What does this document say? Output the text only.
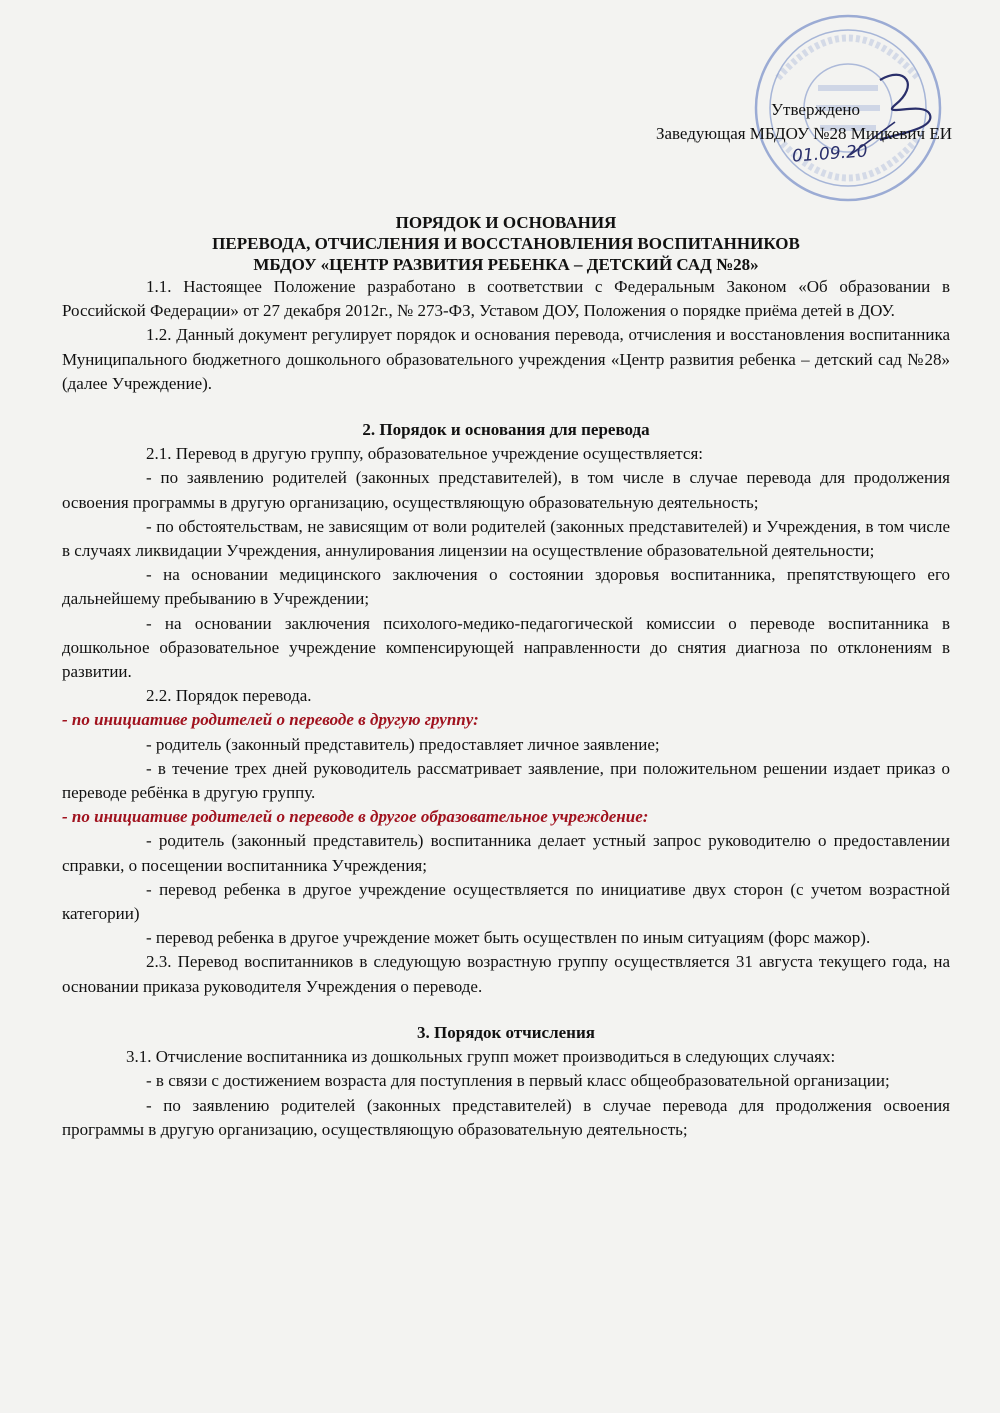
Утверждено
Заведующая МБДОУ №28 Мицкевич ЕИ
01.09.20
ПОРЯДОК И ОСНОВАНИЯ
ПЕРЕВОДА, ОТЧИСЛЕНИЯ И ВОССТАНОВЛЕНИЯ ВОСПИТАННИКОВ
МБДОУ «ЦЕНТР РАЗВИТИЯ РЕБЕНКА – ДЕТСКИЙ САД №28»

1.1. Настоящее Положение разработано в соответствии с Федеральным Законом «Об образовании в Российской Федерации» от 27 декабря 2012г., № 273-ФЗ, Уставом ДОУ, Положения о порядке приёма детей в ДОУ.

1.2. Данный документ регулирует порядок и основания перевода, отчисления и восстановления воспитанника Муниципального бюджетного дошкольного образовательного учреждения «Центр развития ребенка – детский сад №28» (далее Учреждение).

2. Порядок и основания для перевода

2.1. Перевод в другую группу, образовательное учреждение осуществляется:

- по заявлению родителей (законных представителей), в том числе в случае перевода для продолжения освоения программы в другую организацию, осуществляющую образовательную деятельность;

- по обстоятельствам, не зависящим от воли родителей (законных представителей) и Учреждения, в том числе в случаях ликвидации Учреждения, аннулирования лицензии на осуществление образовательной деятельности;

- на основании медицинского заключения о состоянии здоровья воспитанника, препятствующего его дальнейшему пребыванию в Учреждении;

- на основании заключения психолого-медико-педагогической комиссии о переводе воспитанника в дошкольное образовательное учреждение компенсирующей направленности до снятия диагноза по отклонениям в развитии.

2.2. Порядок перевода.

- по инициативе родителей о переводе в другую группу:

- родитель (законный представитель) предоставляет личное заявление;

- в течение трех дней руководитель рассматривает заявление, при положительном решении издает приказ о переводе ребёнка в другую группу.

- по инициативе родителей о переводе в другое образовательное учреждение:

- родитель (законный представитель) воспитанника делает устный запрос руководителю о предоставлении справки, о посещении воспитанника Учреждения;

- перевод ребенка в другое учреждение осуществляется по инициативе двух сторон (с учетом возрастной категории)

- перевод ребенка в другое учреждение может быть осуществлен по иным ситуациям (форс мажор).

2.3. Перевод воспитанников в следующую возрастную группу осуществляется 31 августа текущего года, на основании приказа руководителя Учреждения о переводе.

3. Порядок отчисления

3.1. Отчисление воспитанника из дошкольных групп может производиться в следующих случаях:

- в связи с достижением возраста для поступления в первый класс общеобразовательной организации;

- по заявлению родителей (законных представителей) в случае перевода для продолжения освоения программы в другую организацию, осуществляющую образовательную деятельность;
